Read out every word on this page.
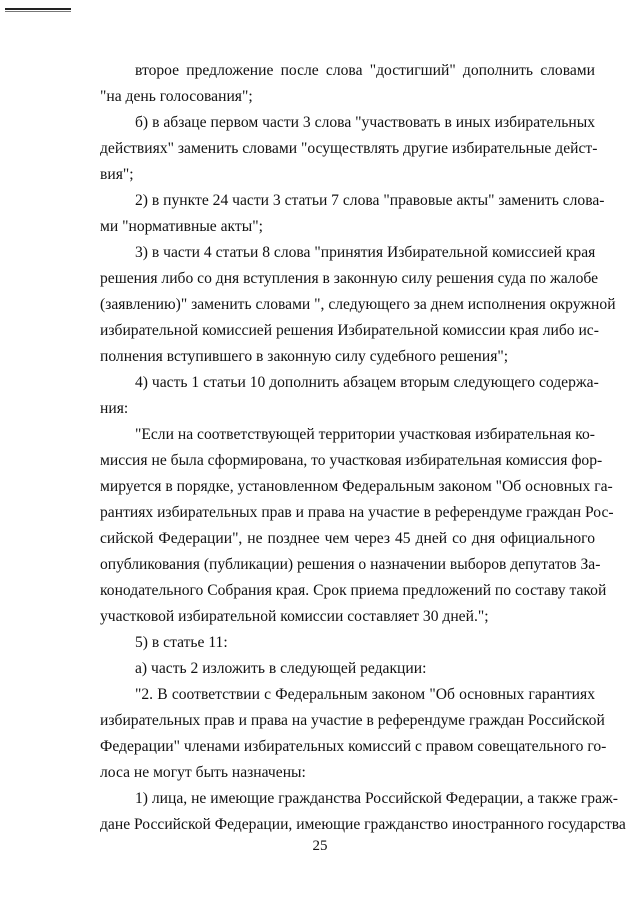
второе предложение после слова "достигший" дополнить словами
"на день голосования";
б) в абзаце первом части 3 слова "участвовать в иных избирательных
действиях" заменить словами "осуществлять другие избирательные дейст-
вия";
2) в пункте 24 части 3 статьи 7 слова "правовые акты" заменить слова-
ми "нормативные акты";
3) в части 4 статьи 8 слова "принятия Избирательной комиссией края
решения либо со дня вступления в законную силу решения суда по жалобе
(заявлению)" заменить словами ", следующего за днем исполнения окружной
избирательной комиссией решения Избирательной комиссии края либо ис-
полнения вступившего в законную силу судебного решения";
4) часть 1 статьи 10 дополнить абзацем вторым следующего содержа-
ния:
"Если на соответствующей территории участковая избирательная ко-
миссия не была сформирована, то участковая избирательная комиссия фор-
мируется в порядке, установленном Федеральным законом "Об основных га-
рантиях избирательных прав и права на участие в референдуме граждан Рос-
сийской Федерации", не позднее чем через 45 дней со дня официального
опубликования (публикации) решения о назначении выборов депутатов За-
конодательного Собрания края. Срок приема предложений по составу такой
участковой избирательной комиссии составляет 30 дней.";
5) в статье 11:
а) часть 2 изложить в следующей редакции:
"2. В соответствии с Федеральным законом "Об основных гарантиях
избирательных прав и права на участие в референдуме граждан Российской
Федерации" членами избирательных комиссий с правом совещательного го-
лоса не могут быть назначены:
1) лица, не имеющие гражданства Российской Федерации, а также граж-
дане Российской Федерации, имеющие гражданство иностранного государства
25
